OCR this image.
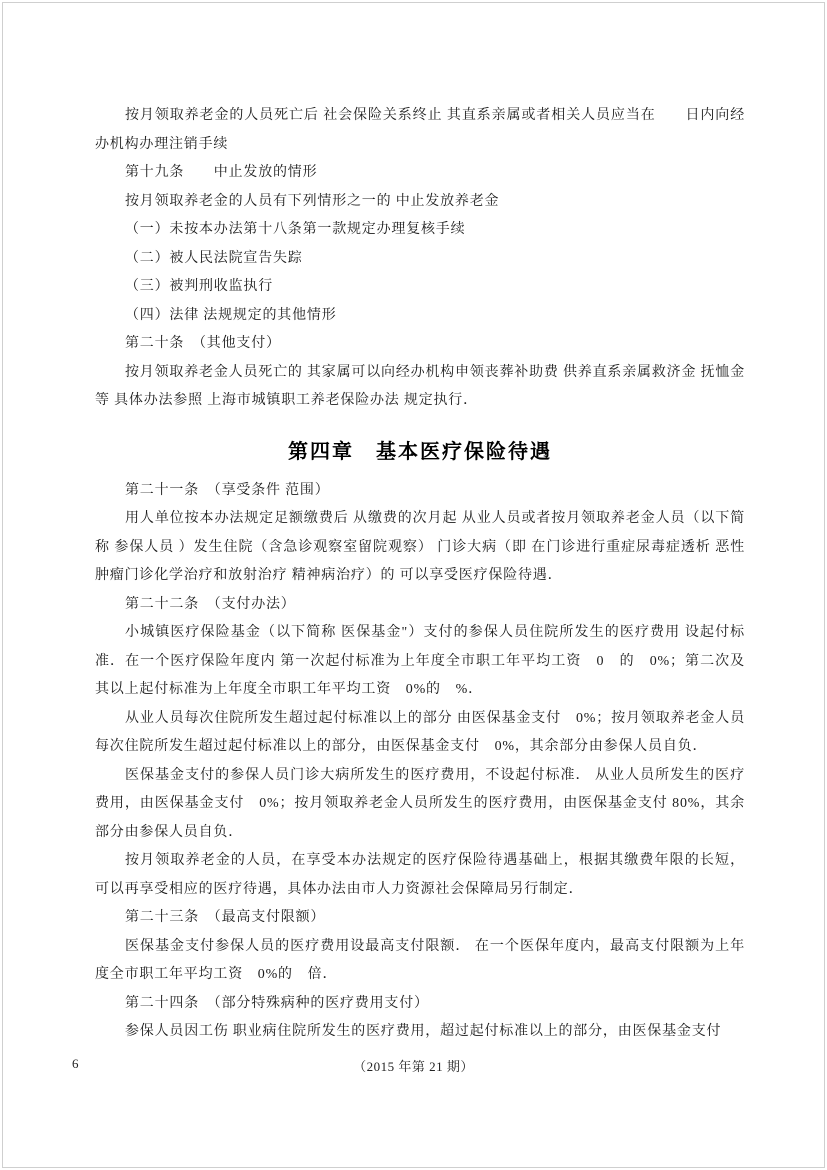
按月领取养老金的人员死亡后 社会保险关系终止 其直系亲属或者相关人员应当在　　日内向经办机构办理注销手续

第十九条　　中止发放的情形

按月领取养老金的人员有下列情形之一的 中止发放养老金

（一）未按本办法第十八条第一款规定办理复核手续

（二）被人民法院宣告失踪

（三）被判刑收监执行

（四）法律 法规规定的其他情形

第二十条　（其他支付）

按月领取养老金人员死亡的 其家属可以向经办机构申领丧葬补助费 供养直系亲属救济金 抚恤金等 具体办法参照 上海市城镇职工养老保险办法 规定执行．

第四章　基本医疗保险待遇

第二十一条　（享受条件 范围）

用人单位按本办法规定足额缴费后 从缴费的次月起 从业人员或者按月领取养老金人员（以下简称 参保人员 ）发生住院（含急诊观察室留院观察） 门诊大病（即 在门诊进行重症尿毒症透析 恶性肿瘤门诊化学治疗和放射治疗 精神病治疗）的 可以享受医疗保险待遇．

第二十二条　（支付办法）

小城镇医疗保险基金（以下简称 医保基金"）支付的参保人员住院所发生的医疗费用 设起付标准．在一个医疗保险年度内 第一次起付标准为上年度全市职工年平均工资　0　的　0%；第二次及其以上起付标准为上年度全市职工年平均工资　0%的　%．

从业人员每次住院所发生超过起付标准以上的部分 由医保基金支付　0%；按月领取养老金人员每次住院所发生超过起付标准以上的部分，由医保基金支付　0%，其余部分由参保人员自负．

医保基金支付的参保人员门诊大病所发生的医疗费用，不设起付标准． 从业人员所发生的医疗费用，由医保基金支付　0%；按月领取养老金人员所发生的医疗费用，由医保基金支付 80%，其余部分由参保人员自负．

按月领取养老金的人员，在享受本办法规定的医疗保险待遇基础上，根据其缴费年限的长短，可以再享受相应的医疗待遇，具体办法由市人力资源社会保障局另行制定．

第二十三条　（最高支付限额）

医保基金支付参保人员的医疗费用设最高支付限额． 在一个医保年度内，最高支付限额为上年度全市职工年平均工资　0%的　倍．

第二十四条　（部分特殊病种的医疗费用支付）

参保人员因工伤 职业病住院所发生的医疗费用，超过起付标准以上的部分，由医保基金支付

6	（2015 年第 21 期）
